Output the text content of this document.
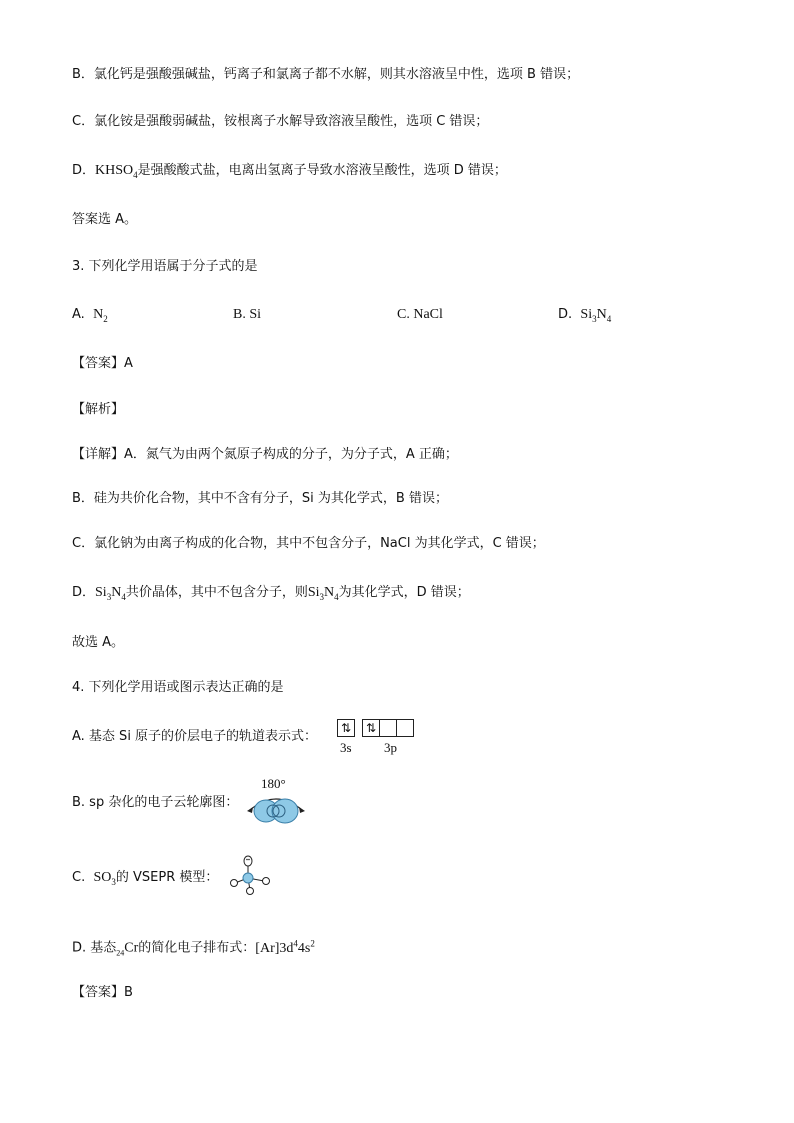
B．氯化钙是强酸强碱盐，钙离子和氯离子都不水解，则其水溶液呈中性，选项 B 错误；
C．氯化铵是强酸弱碱盐，铵根离子水解导致溶液呈酸性，选项 C 错误；
D．$KHSO_4$是强酸酸式盐，电离出氢离子导致水溶液呈酸性，选项 D 错误；
答案选 A。
3. 下列化学用语属于分子式的是
A. $N_2$	B. Si	C. NaCl	D. $Si_3N_4$
【答案】A
【解析】
【详解】A．氮气为由两个氮原子构成的分子，为分子式，A 正确；
B．硅为共价化合物，其中不含有分子，Si 为其化学式，B 错误；
C．氯化钠为由离子构成的化合物，其中不包含分子，NaCl 为其化学式，C 错误；
D．$Si_3N_4$共价晶体，其中不包含分子，则$Si_3N_4$为其化学式，D 错误；
故选 A。
4. 下列化学用语或图示表达正确的是
A. 基态 Si 原子的价层电子的轨道表示式：
⇅	⇅
3s 3p
B. sp 杂化的电子云轮廓图：
180°
C. $SO_3$的 VSEPR 模型：
D. 基态$_{24}$Cr的简化电子排布式：$[Ar]3d^44s^2$
【答案】B
